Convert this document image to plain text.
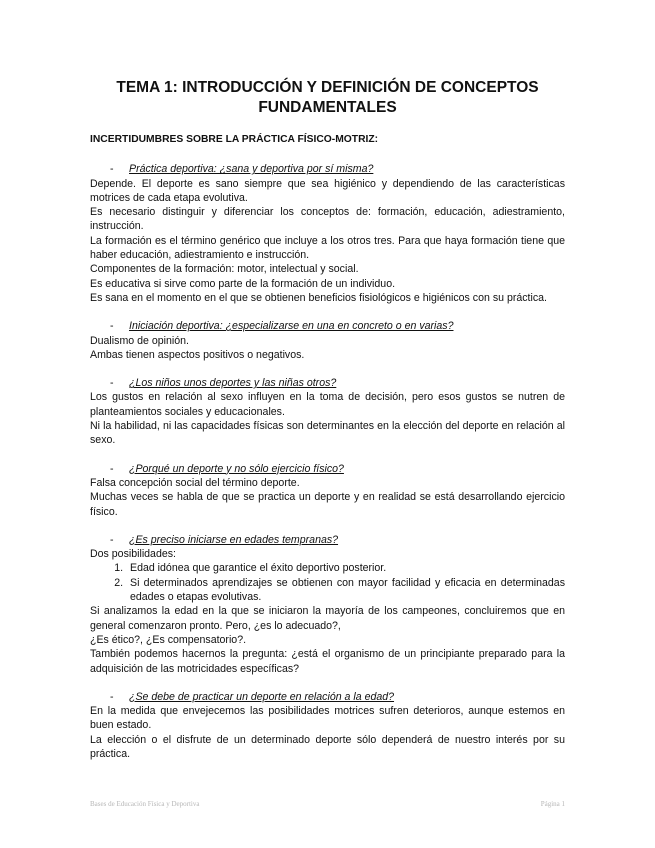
TEMA 1: INTRODUCCIÓN Y DEFINICIÓN DE CONCEPTOS
FUNDAMENTALES
INCERTIDUMBRES SOBRE LA PRÁCTICA FÍSICO-MOTRIZ:
- Práctica deportiva: ¿sana y deportiva por sí misma?

Depende. El deporte es sano siempre que sea higiénico y dependiendo de las características motrices de cada etapa evolutiva.

Es necesario distinguir y diferenciar los conceptos de: formación, educación, adiestramiento, instrucción.

La formación es el término genérico que incluye a los otros tres. Para que haya formación tiene que haber educación, adiestramiento e instrucción.

Componentes de la formación: motor, intelectual y social.

Es educativa si sirve como parte de la formación de un individuo.

Es sana en el momento en el que se obtienen beneficios fisiológicos e higiénicos con su práctica.

- Iniciación deportiva: ¿especializarse en una en concreto o en varias?

Dualismo de opinión.

Ambas tienen aspectos positivos o negativos.

- ¿Los niños unos deportes y las niñas otros?

Los gustos en relación al sexo influyen en la toma de decisión, pero esos gustos se nutren de planteamientos sociales y educacionales.

Ni la habilidad, ni las capacidades físicas son determinantes en la elección del deporte en relación al sexo.

- ¿Porqué un deporte y no sólo ejercicio físico?

Falsa concepción social del término deporte.

Muchas veces se habla de que se practica un deporte y en realidad se está desarrollando ejercicio físico.

- ¿Es preciso iniciarse en edades tempranas?

Dos posibilidades:

1. Edad idónea que garantice el éxito deportivo posterior.
2. Si determinados aprendizajes se obtienen con mayor facilidad y eficacia en determinadas edades o etapas evolutivas.

Si analizamos la edad en la que se iniciaron la mayoría de los campeones, concluiremos que en general comenzaron pronto. Pero, ¿es lo adecuado?,

¿Es ético?, ¿Es compensatorio?.

También podemos hacernos la pregunta: ¿está el organismo de un principiante preparado para la adquisición de las motricidades específicas?

- ¿Se debe de practicar un deporte en relación a la edad?

En la medida que envejecemos las posibilidades motrices sufren deterioros, aunque estemos en buen estado.

La elección o el disfrute de un determinado deporte sólo dependerá de nuestro interés por su práctica.

Bases de Educación Física y Deportiva	Página 1
